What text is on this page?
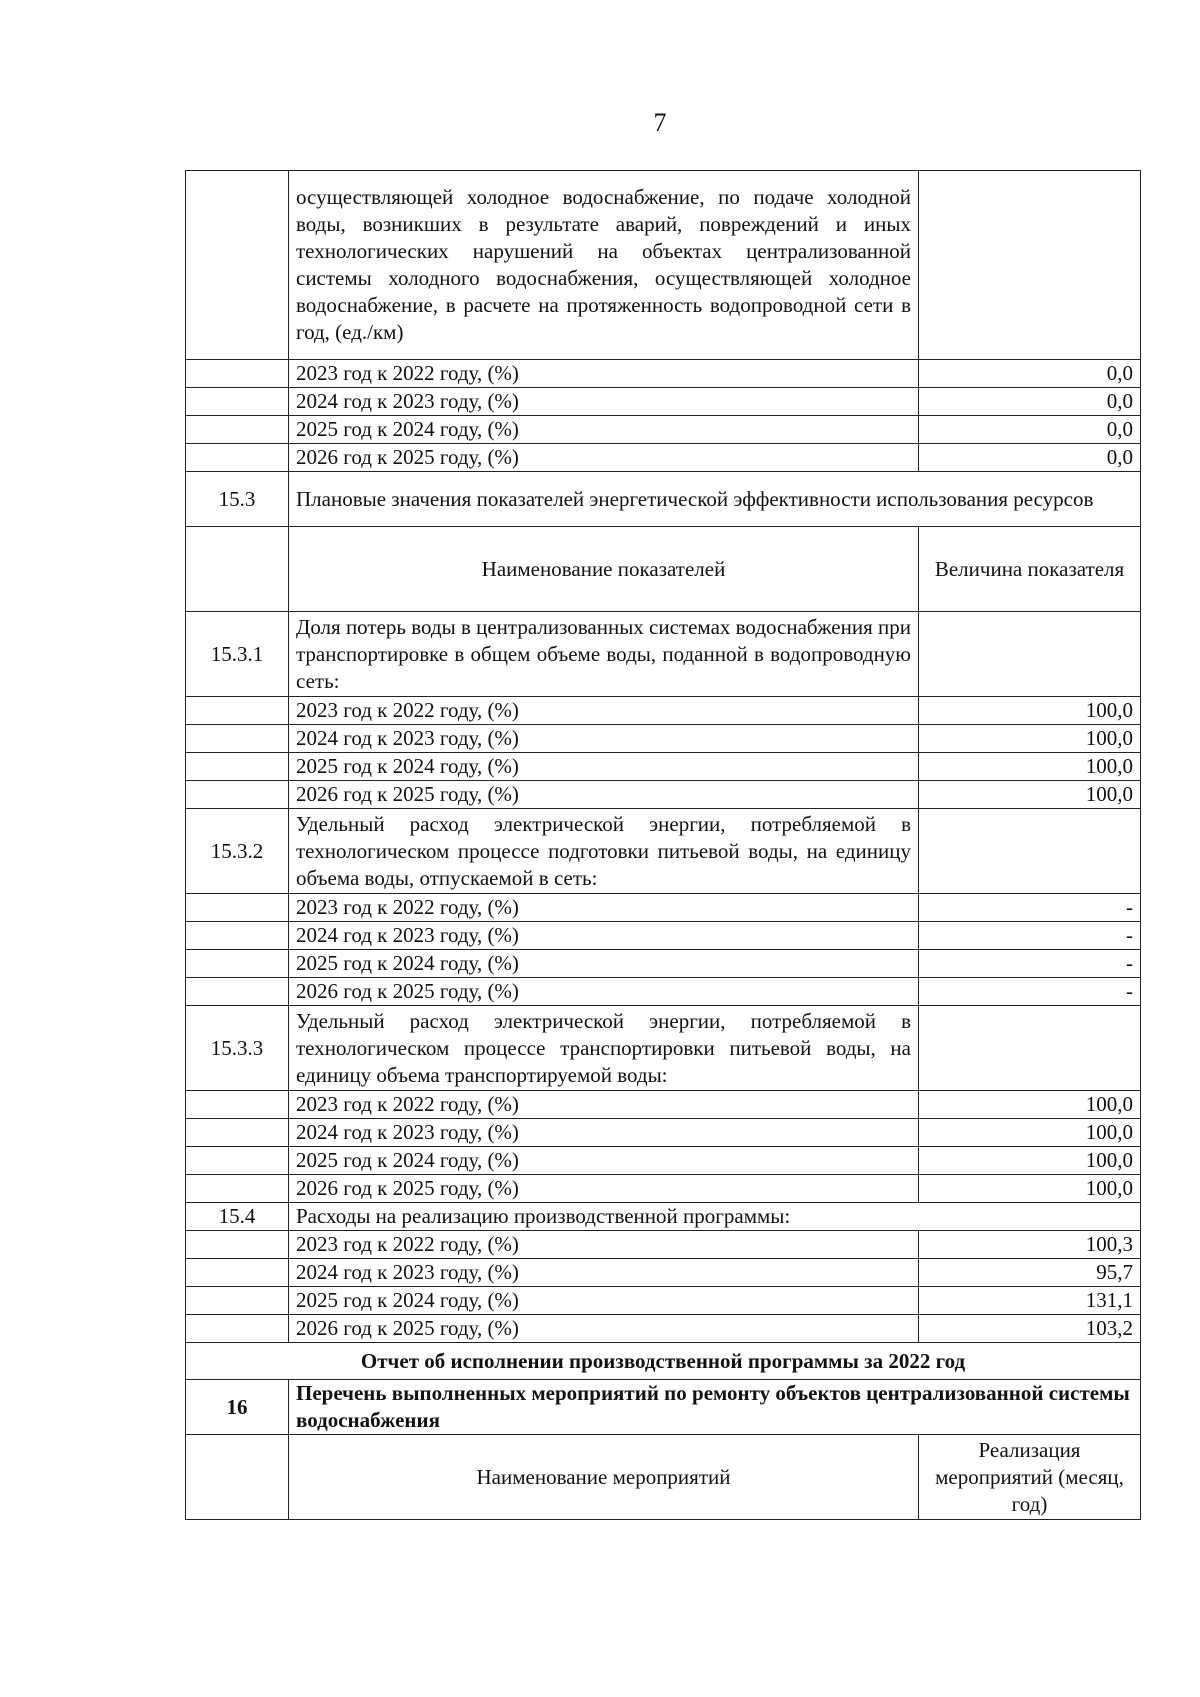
7
	осуществляющей холодное водоснабжение, по подаче холодной воды, возникших в результате аварий, повреждений и иных технологических нарушений на объектах централизованной системы холодного водоснабжения, осуществляющей холодное водоснабжение, в расчете на протяженность водопроводной сети в год, (ед./км)	
	2023 год к 2022 году, (%)	0,0
	2024 год к 2023 году, (%)	0,0
	2025 год к 2024 году, (%)	0,0
	2026 год к 2025 году, (%)	0,0
15.3	Плановые значения показателей энергетической эффективности использования ресурсов	
	Наименование показателей	Величина показателя
15.3.1	Доля потерь воды в централизованных системах водоснабжения при транспортировке в общем объеме воды, поданной в водопроводную сеть:	
	2023 год к 2022 году, (%)	100,0
	2024 год к 2023 году, (%)	100,0
	2025 год к 2024 году, (%)	100,0
	2026 год к 2025 году, (%)	100,0
15.3.2	Удельный расход электрической энергии, потребляемой в технологическом процессе подготовки питьевой воды, на единицу объема воды, отпускаемой в сеть:	
	2023 год к 2022 году, (%)	-
	2024 год к 2023 году, (%)	-
	2025 год к 2024 году, (%)	-
	2026 год к 2025 году, (%)	-
15.3.3	Удельный расход электрической энергии, потребляемой в технологическом процессе транспортировки питьевой воды, на единицу объема транспортируемой воды:	
	2023 год к 2022 году, (%)	100,0
	2024 год к 2023 году, (%)	100,0
	2025 год к 2024 году, (%)	100,0
	2026 год к 2025 году, (%)	100,0
15.4	Расходы на реализацию производственной программы:	
	2023 год к 2022 году, (%)	100,3
	2024 год к 2023 году, (%)	95,7
	2025 год к 2024 году, (%)	131,1
	2026 год к 2025 году, (%)	103,2
Отчет об исполнении производственной программы за 2022 год		
16	Перечень выполненных мероприятий по ремонту объектов централизованной системы водоснабжения	
	Наименование мероприятий	Реализация мероприятий (месяц, год)
